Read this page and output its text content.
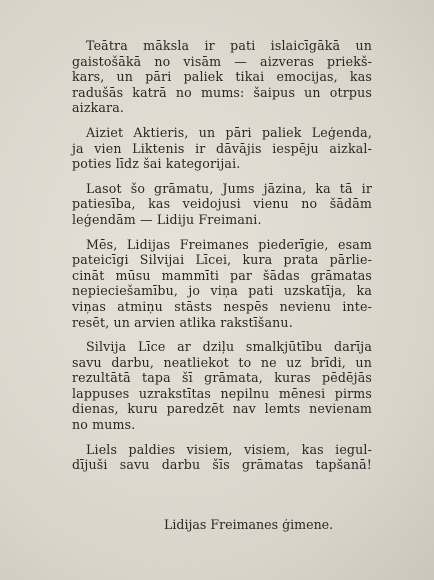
Teātra māksla ir pati islaicīgākā un
gaistošākā no visām — aizveras priekš-
kars, un pāri paliek tikai emocijas, kas
radušās katrā no mums: šaipus un otrpus
aizkara.

Aiziet Aktieris, un pāri paliek Leģenda,
ja vien Liktenis ir dāvājis iespēju aizkal-
poties līdz šai kategorijai.

Lasot šo grāmatu, Jums jāzina, ka tā ir
patiesība, kas veidojusi vienu no šādām
leģendām — Lidiju Freimani.

Mēs, Lidijas Freimanes piederīgie, esam
pateicīgi Silvijai Līcei, kura prata pārlie-
cināt mūsu mammīti par šādas grāmatas
nepieciešamību, jo viņa pati uzskatīja, ka
viņas atmiņu stāsts nespēs nevienu inte-
resēt, un arvien atlika rakstīšanu.

Silvija Līce ar dziļu smalkjūtību darīja
savu darbu, neatliekot to ne uz brīdi, un
rezultātā tapa šī grāmata, kuras pēdējās
lappuses uzrakstītas nepilnu mēnesi pirms
dienas, kuru paredzēt nav lemts nevienam
no mums.

Liels paldies visiem, visiem, kas iegul-
dījuši savu darbu šīs grāmatas tapšanā!

Lidijas Freimanes ģimene.
